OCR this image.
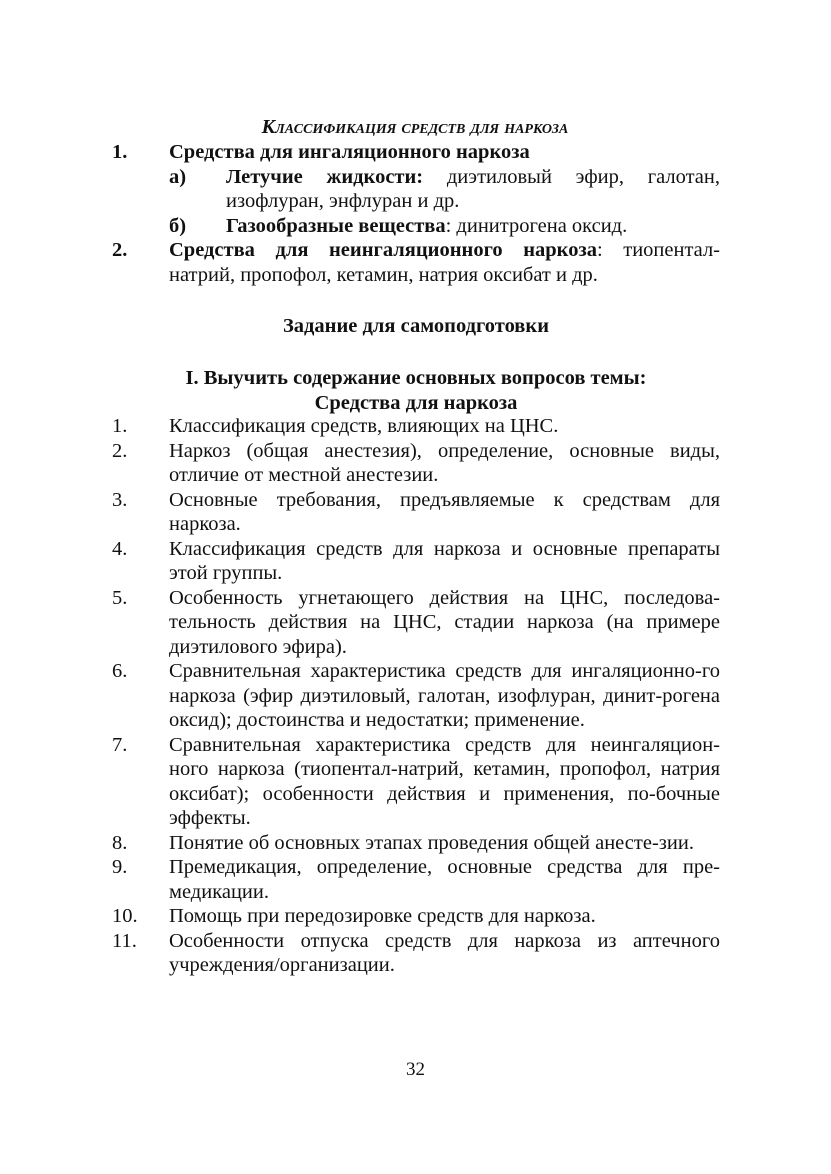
Классификация средств для наркоза
1. Средства для ингаляционного наркоза
а) Летучие жидкости: диэтиловый эфир, галотан, изофлуран, энфлуран и др.
б) Газообразные вещества: динитрогена оксид.
2. Средства для неингаляционного наркоза: тиопентал-натрий, пропофол, кетамин, натрия оксибат и др.
Задание для самоподготовки
I. Выучить содержание основных вопросов темы:
Средства для наркоза
1. Классификация средств, влияющих на ЦНС.
2. Наркоз (общая анестезия), определение, основные виды, отличие от местной анестезии.
3. Основные требования, предъявляемые к средствам для наркоза.
4. Классификация средств для наркоза и основные препараты этой группы.
5. Особенность угнетающего действия на ЦНС, последова-тельность действия на ЦНС, стадии наркоза (на примере диэтилового эфира).
6. Сравнительная характеристика средств для ингаляционно-го наркоза (эфир диэтиловый, галотан, изофлуран, динит-рогена оксид); достоинства и недостатки; применение.
7. Сравнительная характеристика средств для неингаляцион-ного наркоза (тиопентал-натрий, кетамин, пропофол, натрия оксибат); особенности действия и применения, по-бочные эффекты.
8. Понятие об основных этапах проведения общей анесте-зии.
9. Премедикация, определение, основные средства для пре-медикации.
10. Помощь при передозировке средств для наркоза.
11. Особенности отпуска средств для наркоза из аптечного учреждения/организации.
32
